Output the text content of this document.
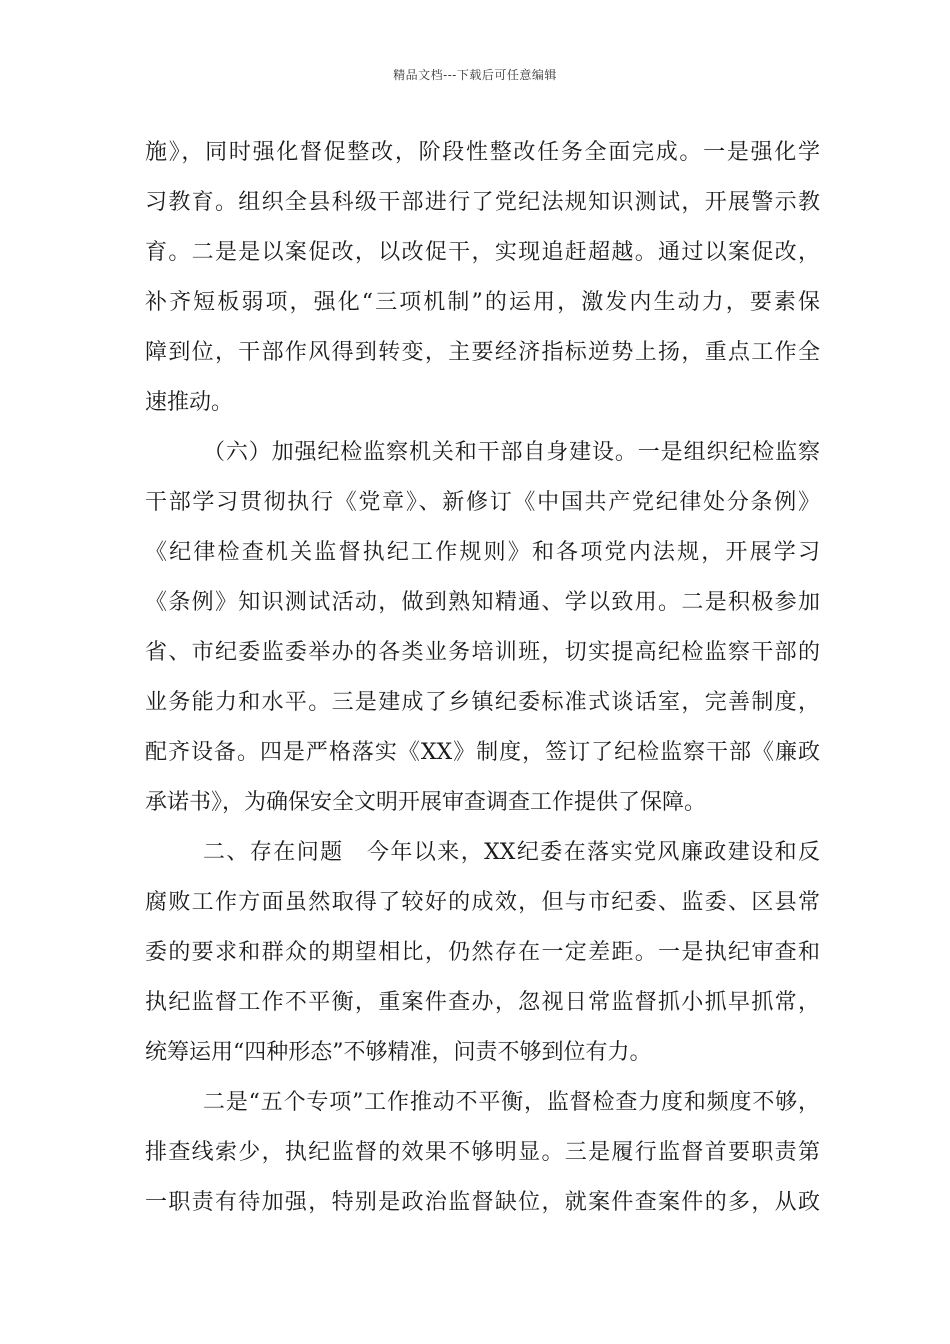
精品文档---下载后可任意编辑
施》，同时强化督促整改，阶段性整改任务全面完成。一是强化学
习教育。组织全县科级干部进行了党纪法规知识测试，开展警示教
育。二是是以案促改，以改促干，实现追赶超越。通过以案促改，
补齐短板弱项，强化“三项机制”的运用，激发内生动力，要素保
障到位，干部作风得到转变，主要经济指标逆势上扬，重点工作全
速推动。
（六）加强纪检监察机关和干部自身建设。一是组织纪检监察
干部学习贯彻执行《党章》、新修订《中国共产党纪律处分条例》
《纪律检查机关监督执纪工作规则》和各项党内法规，开展学习
《条例》知识测试活动，做到熟知精通、学以致用。二是积极参加
省、市纪委监委举办的各类业务培训班，切实提高纪检监察干部的
业务能力和水平。三是建成了乡镇纪委标准式谈话室，完善制度，
配齐设备。四是严格落实《XX》制度，签订了纪检监察干部《廉政
承诺书》，为确保安全文明开展审查调查工作提供了保障。
二、存在问题　今年以来，XX纪委在落实党风廉政建设和反
腐败工作方面虽然取得了较好的成效，但与市纪委、监委、区县常
委的要求和群众的期望相比，仍然存在一定差距。一是执纪审查和
执纪监督工作不平衡，重案件查办，忽视日常监督抓小抓早抓常，
统筹运用“四种形态”不够精准，问责不够到位有力。
二是“五个专项”工作推动不平衡，监督检查力度和频度不够，
排查线索少，执纪监督的效果不够明显。三是履行监督首要职责第
一职责有待加强，特别是政治监督缺位，就案件查案件的多，从政
